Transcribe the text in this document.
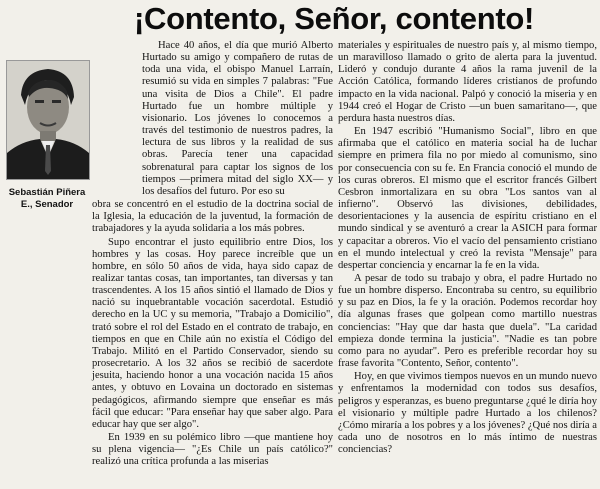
¡Contento, Señor, contento!
Sebastián Piñera E., Senador

Hace 40 años, el día que murió Alberto Hurtado su amigo y compañero de rutas de toda una vida, el obispo Manuel Larraín, resumió su vida en simples 7 palabras: "Fue una visita de Dios a Chile". El padre Hurtado fue un hombre múltiple y visionario. Los jóvenes lo conocemos a través del testimonio de nuestros padres, la lectura de sus libros y la realidad de sus obras. Parecía tener una capacidad sobrenatural para captar los signos de los tiempos —primera mitad del siglo XX— y los desafíos del futuro. Por eso su

obra se concentró en el estudio de la doctrina social de la Iglesia, la educación de la juventud, la formación de trabajadores y la ayuda solidaria a los más pobres.

Supo encontrar el justo equilibrio entre Dios, los hombres y las cosas. Hoy parece increíble que un hombre, en sólo 50 años de vida, haya sido capaz de realizar tantas cosas, tan importantes, tan diversas y tan trascendentes. A los 15 años sintió el llamado de Dios y nació su inquebrantable vocación sacerdotal. Estudió derecho en la UC y su memoria, "Trabajo a Domicilio", trató sobre el rol del Estado en el contrato de trabajo, en tiempos en que en Chile aún no existía el Código del Trabajo. Militó en el Partido Conservador, siendo su prosecretario. A los 32 años se recibió de sacerdote jesuita, haciendo honor a una vocación nacida 15 años antes, y obtuvo en Lovaina un doctorado en sistemas pedagógicos, afirmando siempre que enseñar es más fácil que educar: "Para enseñar hay que saber algo. Para educar hay que ser algo".

En 1939 en su polémico libro —que mantiene hoy su plena vigencia— "¿Es Chile un país católico?" realizó una crítica profunda a las miserias

materiales y espirituales de nuestro país y, al mismo tiempo, un maravilloso llamado o grito de alerta para la juventud. Lideró y condujo durante 4 años la rama juvenil de la Acción Católica, formando líderes cristianos de profundo impacto en la vida nacional. Palpó y conoció la miseria y en 1944 creó el Hogar de Cristo —un buen samaritano—, que perdura hasta nuestros días.

En 1947 escribió "Humanismo Social", libro en que afirmaba que el católico en materia social ha de luchar siempre en primera fila no por miedo al comunismo, sino por consecuencia con su fe. En Francia conoció el mundo de los curas obreros. El mismo que el escritor francés Gilbert Cesbron inmortalizara en su obra "Los santos van al infierno". Observó las divisiones, debilidades, desorientaciones y la ausencia de espíritu cristiano en el mundo sindical y se aventuró a crear la ASICH para formar y capacitar a obreros. Vio el vacío del pensamiento cristiano en el mundo intelectual y creó la revista "Mensaje" para despertar conciencia y encarnar la fe en la vida.

A pesar de todo su trabajo y obra, el padre Hurtado no fue un hombre disperso. Encontraba su centro, su equilibrio y su paz en Dios, la fe y la oración. Podemos recordar hoy día algunas frases que golpean como martillo nuestras conciencias: "Hay que dar hasta que duela". "La caridad empieza donde termina la justicia". "Nadie es tan pobre como para no ayudar". Pero es preferible recordar hoy su frase favorita "Contento, Señor, contento".

Hoy, en que vivimos tiempos nuevos en un mundo nuevo y enfrentamos la modernidad con todos sus desafíos, peligros y esperanzas, es bueno preguntarse ¿qué le diría hoy el visionario y múltiple padre Hurtado a los chilenos? ¿Cómo miraría a los pobres y a los jóvenes? ¿Qué nos diría a cada uno de nosotros en lo más íntimo de nuestras conciencias?
